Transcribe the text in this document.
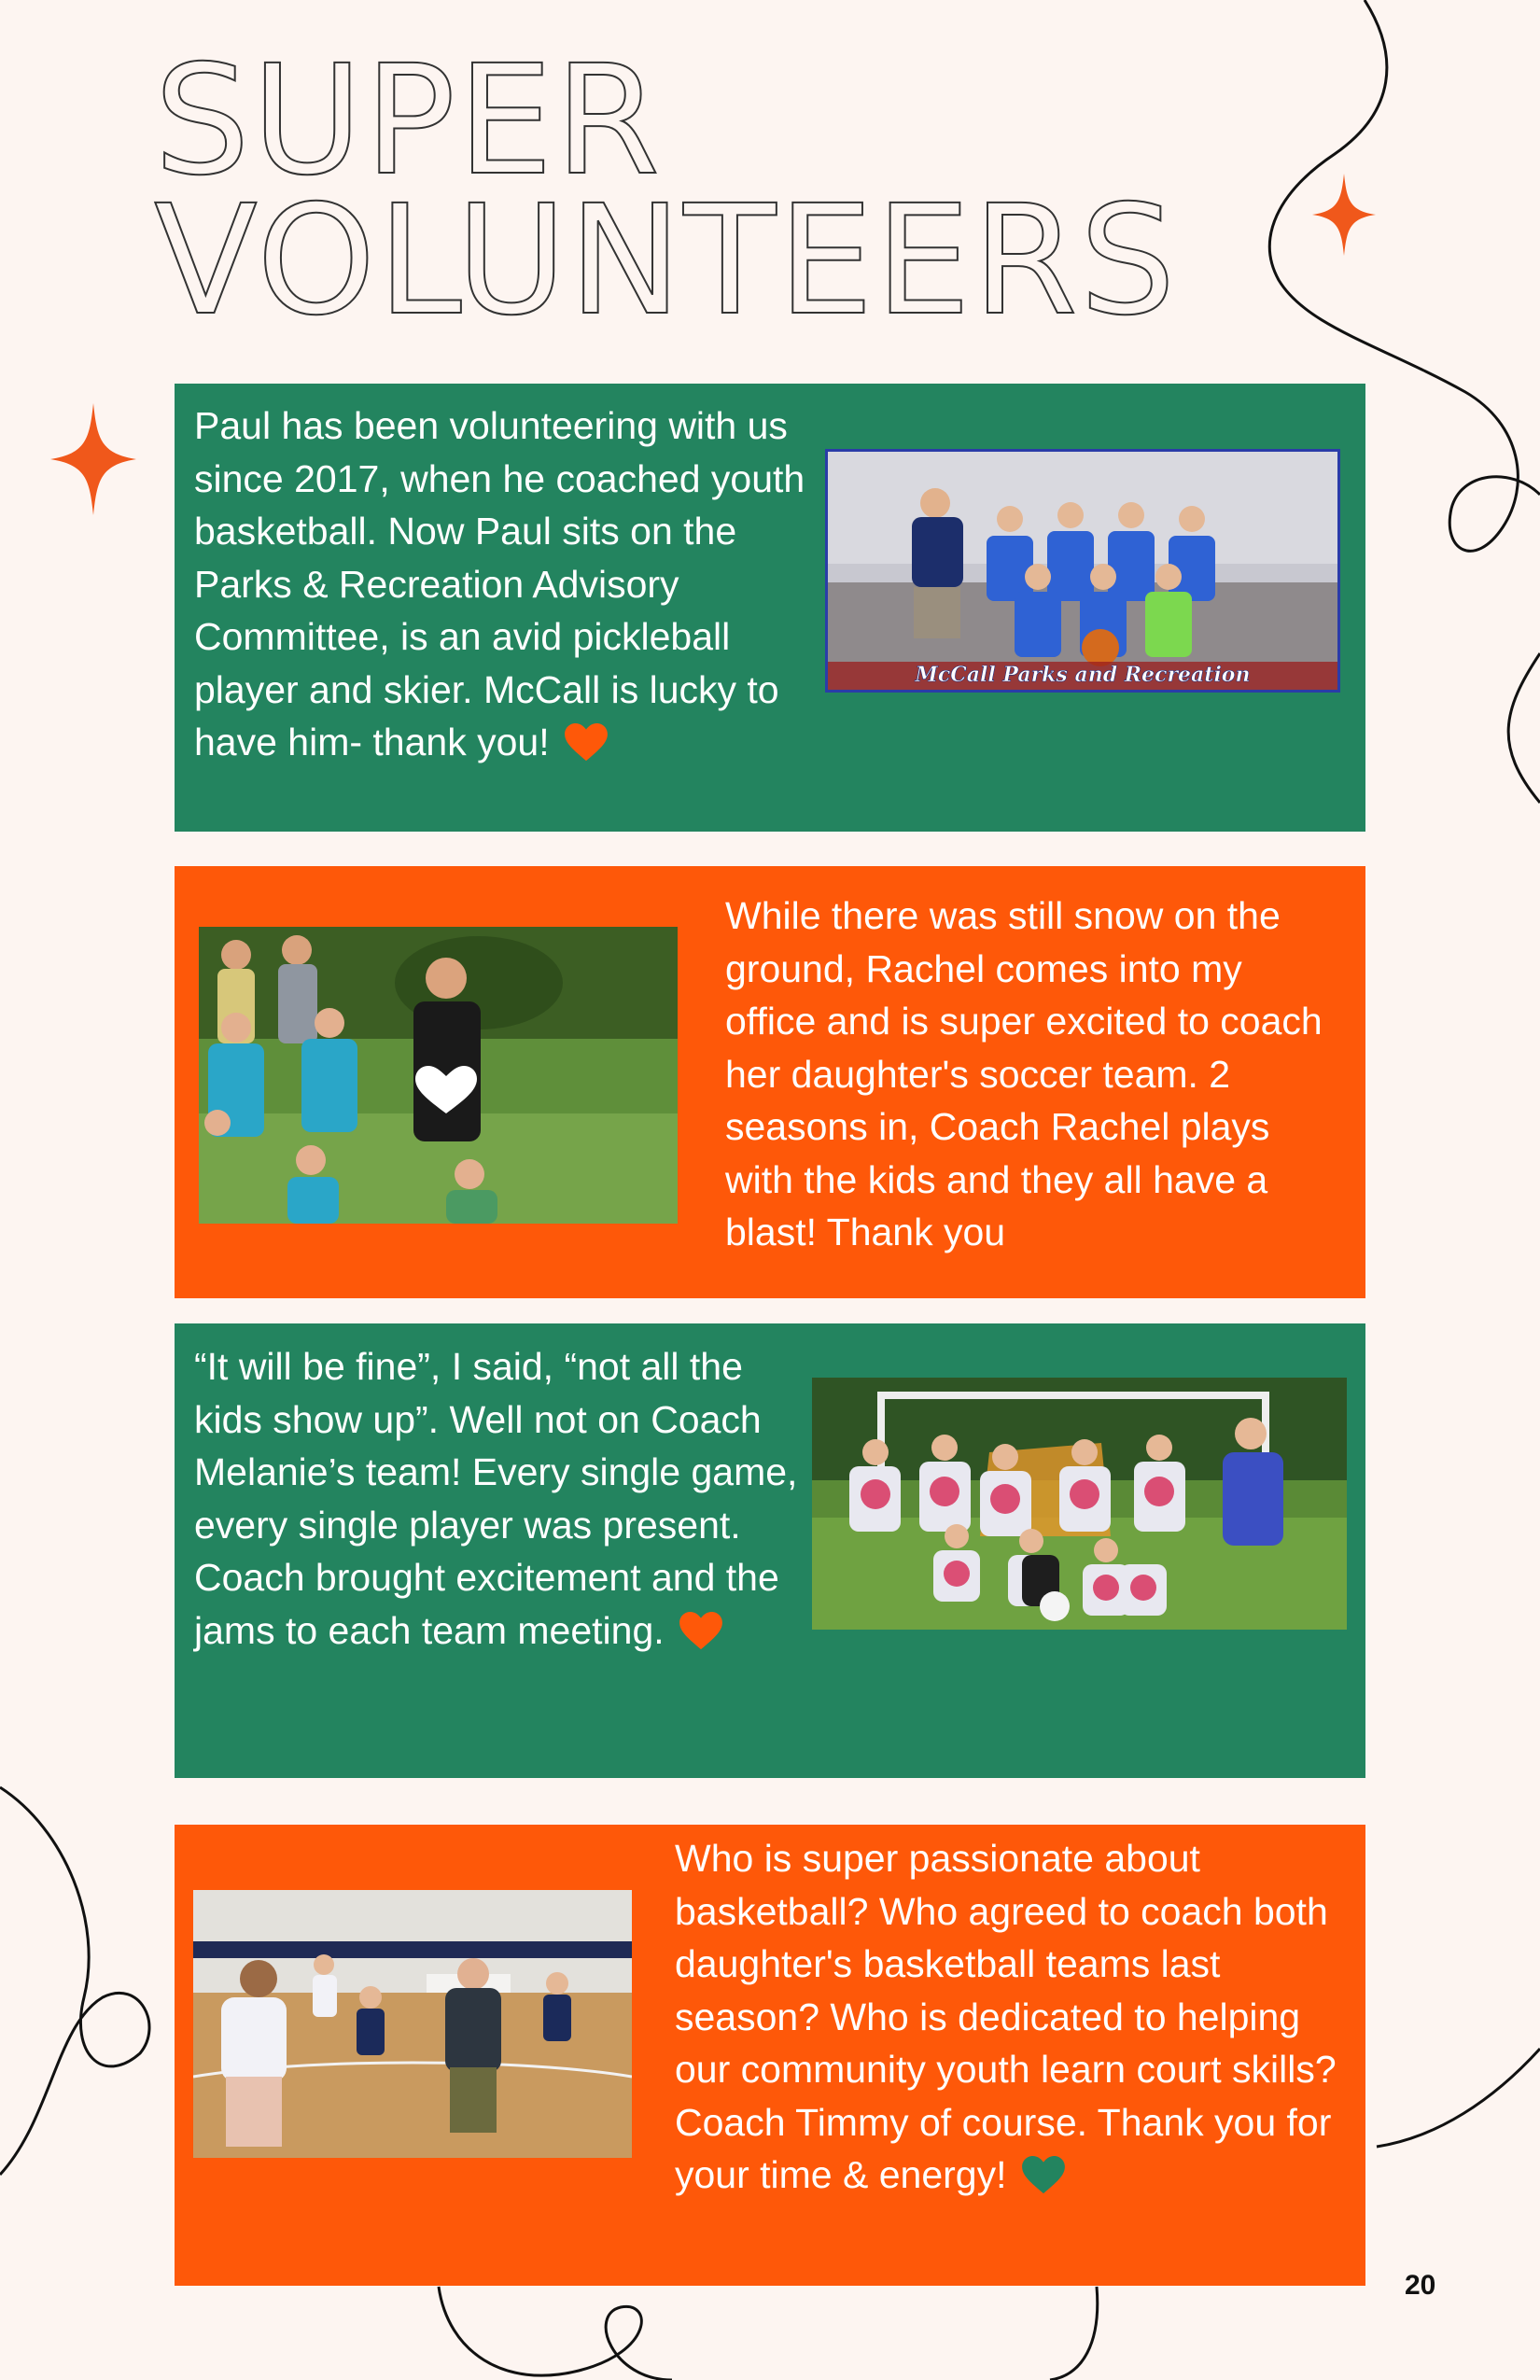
SUPER
VOLUNTEERS

Paul has been volunteering with us since 2017, when he coached youth basketball. Now Paul sits on the Parks & Recreation Advisory Committee, is an avid pickleball player and skier. McCall is lucky to have him- thank you!

McCall Parks and Recreation

While there was still snow on the ground, Rachel comes into my office and is super excited to coach her daughter's soccer team. 2 seasons in, Coach Rachel plays with the kids and they all have a blast! Thank you

“It will be fine”, I said, “not all the kids show up”. Well not on Coach Melanie’s team! Every single game, every single player was present. Coach brought excitement and the jams to each team meeting.

Who is super passionate about basketball? Who agreed to coach both daughter's basketball teams last season? Who is dedicated to helping our community youth learn court skills? Coach Timmy of course. Thank you for your time & energy!

20
